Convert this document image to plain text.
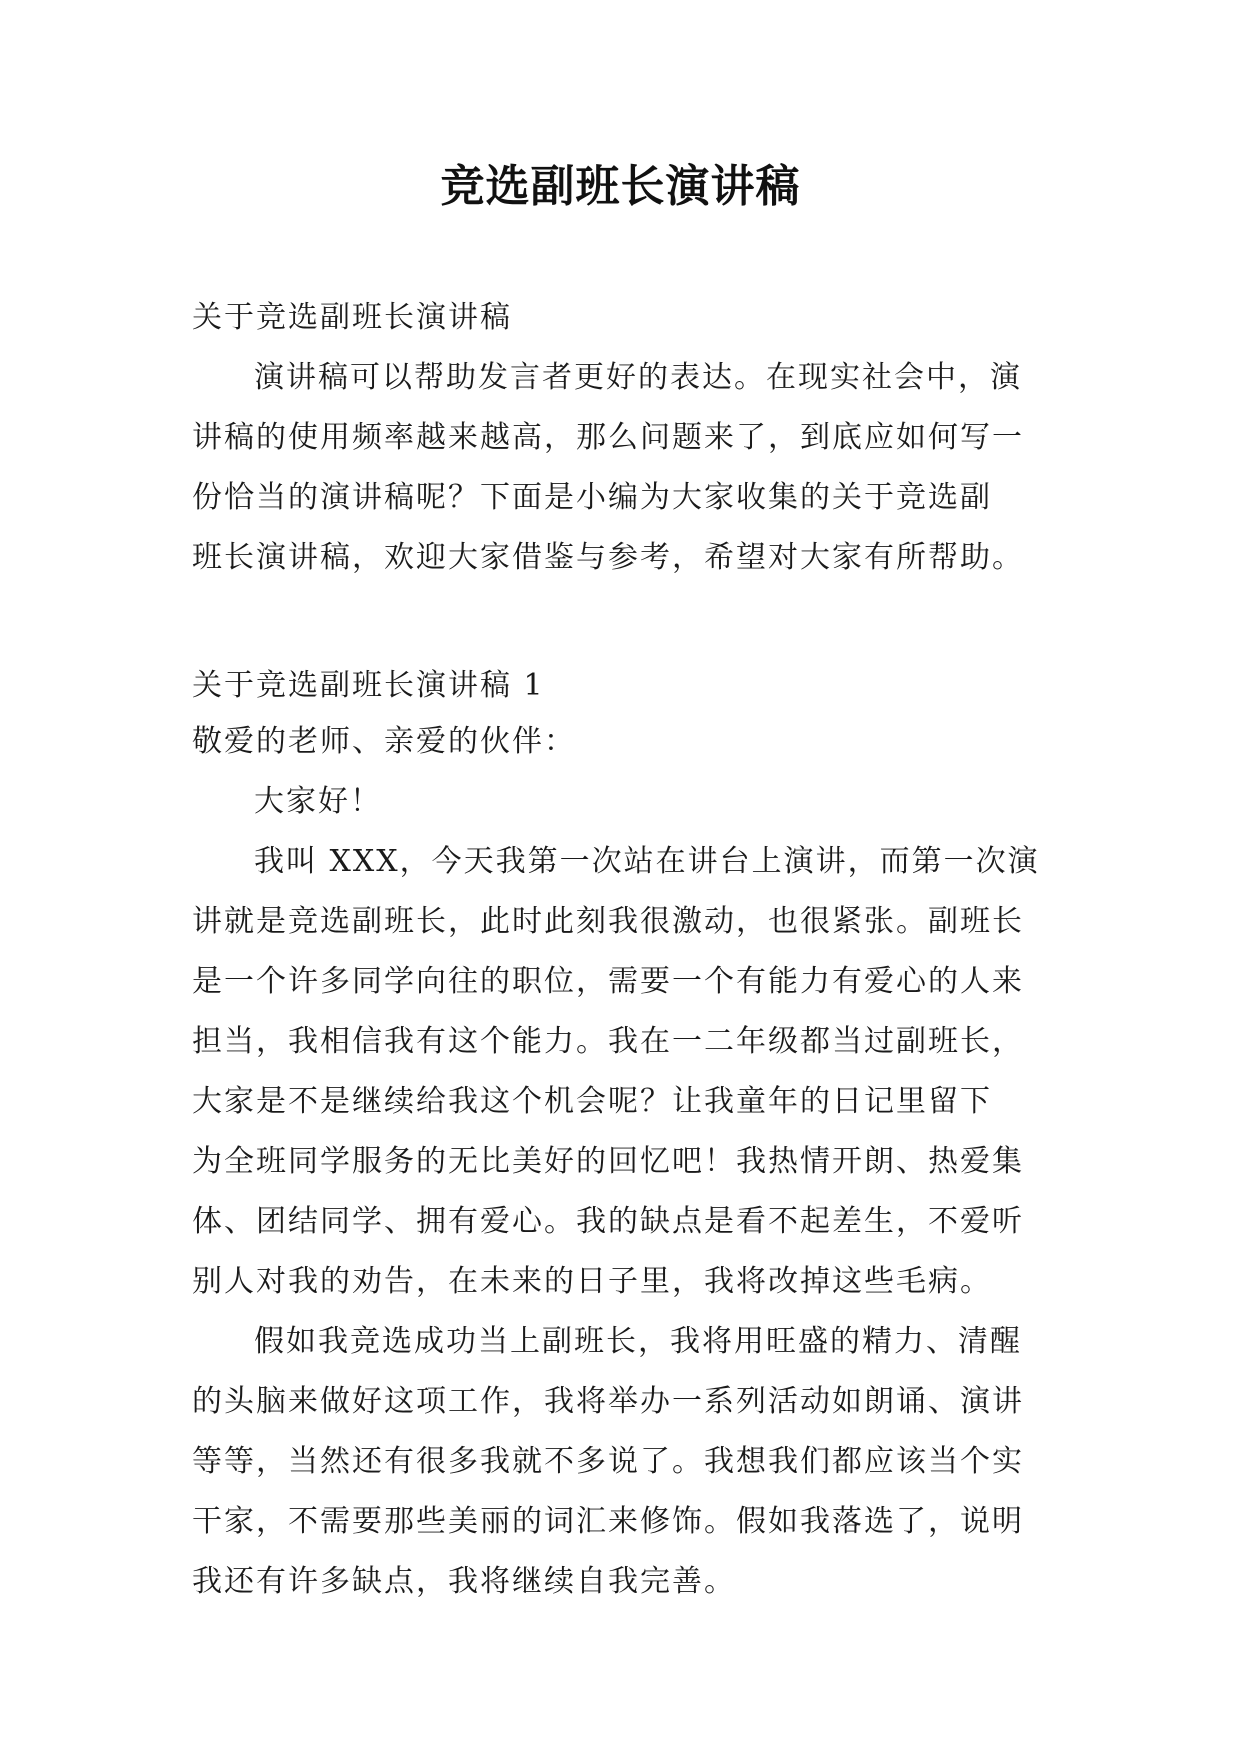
竞选副班长演讲稿
关于竞选副班长演讲稿
演讲稿可以帮助发言者更好的表达。在现实社会中，演
讲稿的使用频率越来越高，那么问题来了，到底应如何写一
份恰当的演讲稿呢？下面是小编为大家收集的关于竞选副
班长演讲稿，欢迎大家借鉴与参考，希望对大家有所帮助。
关于竞选副班长演讲稿 1
敬爱的老师、亲爱的伙伴：
大家好！
我叫 XXX，今天我第一次站在讲台上演讲，而第一次演
讲就是竞选副班长，此时此刻我很激动，也很紧张。副班长
是一个许多同学向往的职位，需要一个有能力有爱心的人来
担当，我相信我有这个能力。我在一二年级都当过副班长，
大家是不是继续给我这个机会呢？让我童年的日记里留下
为全班同学服务的无比美好的回忆吧！我热情开朗、热爱集
体、团结同学、拥有爱心。我的缺点是看不起差生，不爱听
别人对我的劝告，在未来的日子里，我将改掉这些毛病。
假如我竞选成功当上副班长，我将用旺盛的精力、清醒
的头脑来做好这项工作，我将举办一系列活动如朗诵、演讲
等等，当然还有很多我就不多说了。我想我们都应该当个实
干家，不需要那些美丽的词汇来修饰。假如我落选了，说明
我还有许多缺点，我将继续自我完善。
